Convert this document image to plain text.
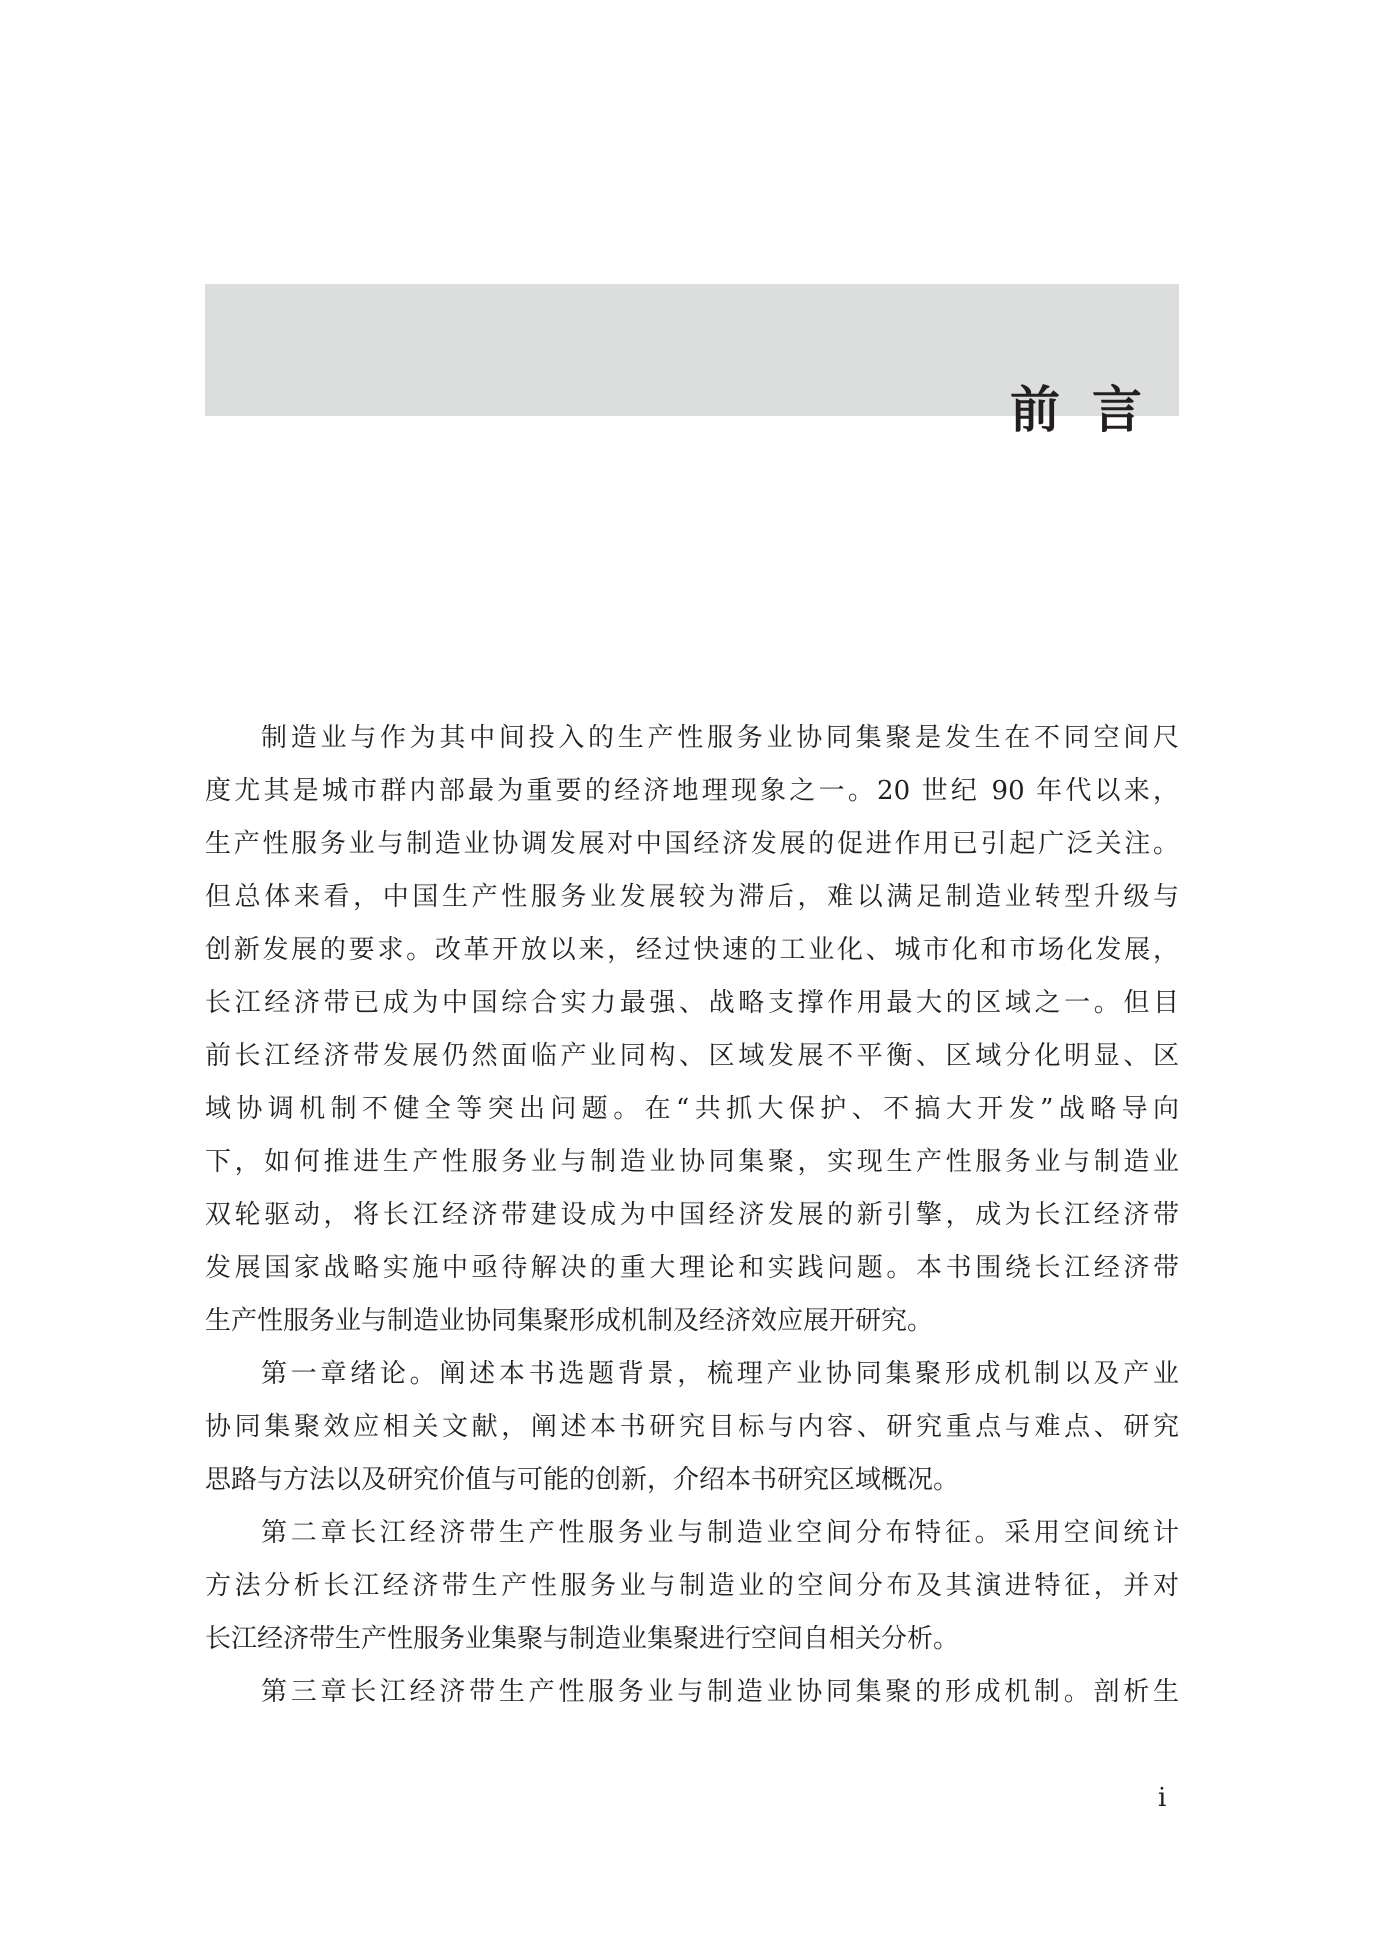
前言
制造业与作为其中间投入的生产性服务业协同集聚是发生在不同空间尺
度尤其是城市群内部最为重要的经济地理现象之一。20 世纪 90 年代以来，
生产性服务业与制造业协调发展对中国经济发展的促进作用已引起广泛关注。
但总体来看，中国生产性服务业发展较为滞后，难以满足制造业转型升级与
创新发展的要求。改革开放以来，经过快速的工业化、城市化和市场化发展，
长江经济带已成为中国综合实力最强、战略支撑作用最大的区域之一。但目
前长江经济带发展仍然面临产业同构、区域发展不平衡、区域分化明显、区
域协调机制不健全等突出问题。在“共抓大保护、不搞大开发”战略导向
下，如何推进生产性服务业与制造业协同集聚，实现生产性服务业与制造业
双轮驱动，将长江经济带建设成为中国经济发展的新引擎，成为长江经济带
发展国家战略实施中亟待解决的重大理论和实践问题。本书围绕长江经济带
生产性服务业与制造业协同集聚形成机制及经济效应展开研究。
第一章绪论。阐述本书选题背景，梳理产业协同集聚形成机制以及产业
协同集聚效应相关文献，阐述本书研究目标与内容、研究重点与难点、研究
思路与方法以及研究价值与可能的创新，介绍本书研究区域概况。
第二章长江经济带生产性服务业与制造业空间分布特征。采用空间统计
方法分析长江经济带生产性服务业与制造业的空间分布及其演进特征，并对
长江经济带生产性服务业集聚与制造业集聚进行空间自相关分析。
第三章长江经济带生产性服务业与制造业协同集聚的形成机制。剖析生
i
